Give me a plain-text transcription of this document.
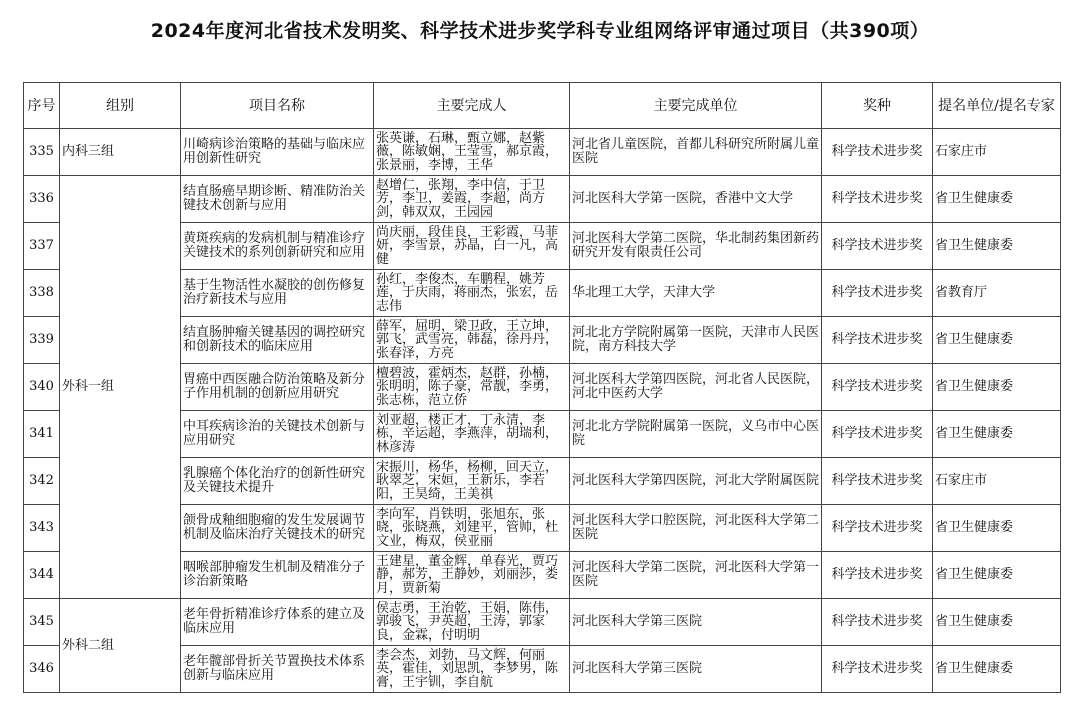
2024年度河北省技术发明奖、科学技术进步奖学科专业组网络评审通过项目（共390项）
序号	组别	项目名称	主要完成人	主要完成单位	奖种	提名单位/提名专家
335	内科三组	川崎病诊治策略的基础与临床应用创新性研究	张英谦，石琳，甄立娜，赵紫薇，陈敏娴，王莹雪，郝京霞，张景丽，李博，王华	河北省儿童医院，首都儿科研究所附属儿童医院	科学技术进步奖	石家庄市
336	外科一组	结直肠癌早期诊断、精准防治关键技术创新与应用	赵增仁，张翔，李中信，于卫芳，李卫，姜霞，李超，尚方剑，韩双双，王园园	河北医科大学第一医院，香港中文大学	科学技术进步奖	省卫生健康委
337		黄斑疾病的发病机制与精准诊疗关键技术的系列创新研究和应用	尚庆丽，段佳良，王彩霞，马菲妍，李雪景，苏晶，白一凡，高健	河北医科大学第二医院，华北制药集团新药研究开发有限责任公司	科学技术进步奖	省卫生健康委
338		基于生物活性水凝胶的创伤修复治疗新技术与应用	孙红，李俊杰，车鹏程，姚芳莲，于庆雨，蒋丽杰，张宏，岳志伟	华北理工大学，天津大学	科学技术进步奖	省教育厅
339		结直肠肿瘤关键基因的调控研究和创新技术的临床应用	薛军，屈明，梁卫政，王立坤，郭飞，武雪亮，韩磊，徐丹丹，张春泽，方亮	河北北方学院附属第一医院，天津市人民医院，南方科技大学	科学技术进步奖	省卫生健康委
340		胃癌中西医融合防治策略及新分子作用机制的创新应用研究	檀碧波，霍炳杰，赵群，孙楠，张明明，陈子豪，常靓，李勇，张志栋，范立侨	河北医科大学第四医院，河北省人民医院，河北中医药大学	科学技术进步奖	省卫生健康委
341		中耳疾病诊治的关键技术创新与应用研究	刘亚超，楼正才，丁永清，李栋，辛运超，李燕萍，胡瑞利，林彦涛	河北北方学院附属第一医院，义乌市中心医院	科学技术进步奖	省卫生健康委
342		乳腺癌个体化治疗的创新性研究及关键技术提升	宋振川，杨华，杨柳，回天立，耿翠芝，宋姮，王新乐，李若阳，王昊绮，王美祺	河北医科大学第四医院，河北大学附属医院	科学技术进步奖	石家庄市
343		颌骨成釉细胞瘤的发生发展调节机制及临床治疗关键技术的研究	李向军，肖铁明，张旭东，张晓，张晓燕，刘建平，管帅，杜文业，梅双，侯亚丽	河北医科大学口腔医院，河北医科大学第二医院	科学技术进步奖	省卫生健康委
344		咽喉部肿瘤发生机制及精准分子诊治新策略	王建星，董金辉，单春光，贾巧静，郝芳，王静妙，刘丽莎，娄月，贾新菊	河北医科大学第二医院，河北医科大学第一医院	科学技术进步奖	省卫生健康委
345	外科二组	老年骨折精准诊疗体系的建立及临床应用	侯志勇，王治乾，王娟，陈伟，郭骏飞，尹英超，王涛，郭家良，金霖，付明明	河北医科大学第三医院	科学技术进步奖	省卫生健康委
346		老年髋部骨折关节置换技术体系创新与临床应用	李会杰，刘勃，马文辉，何丽英，霍佳，刘思凯，李梦男，陈膏，王宇钏，李自航	河北医科大学第三医院	科学技术进步奖	省卫生健康委
